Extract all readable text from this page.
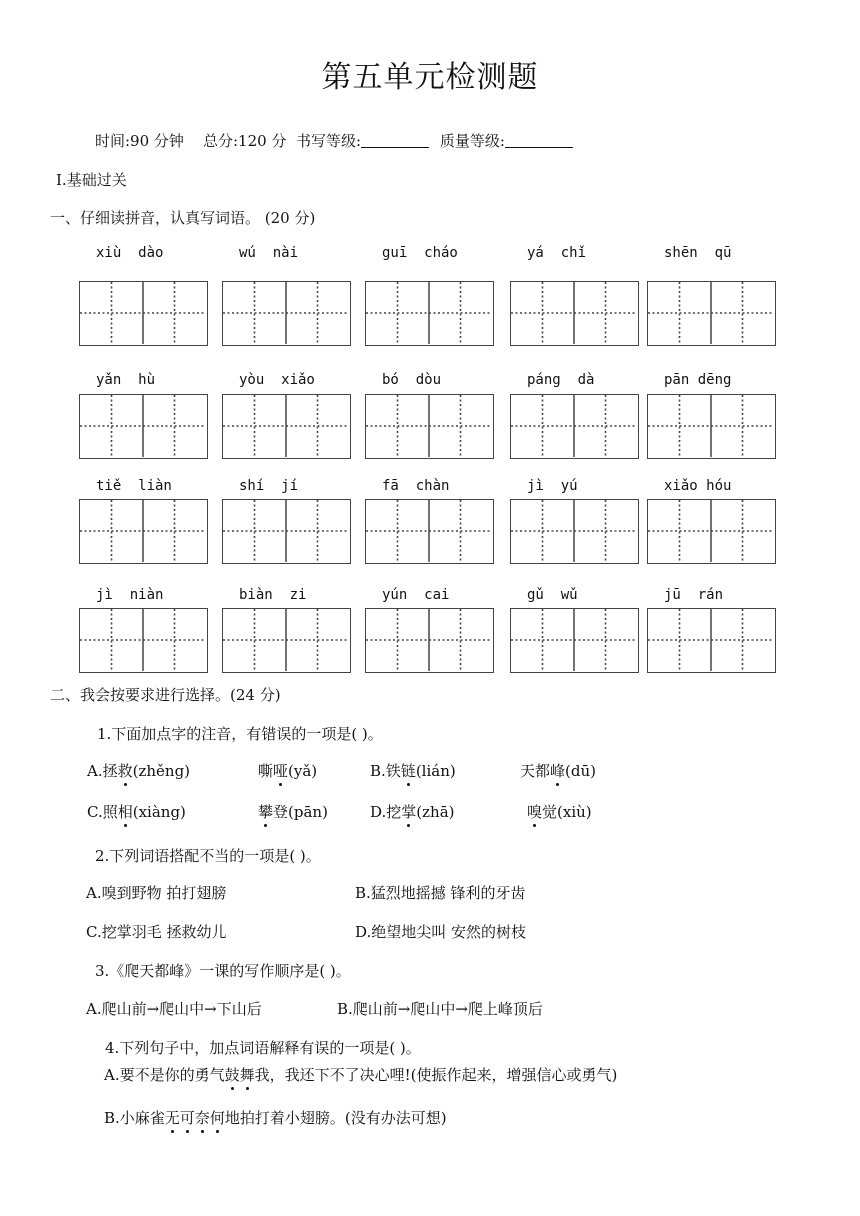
第五单元检测题
时间:90 分钟 总分:120 分 书写等级:	质量等级:
Ⅰ.基础过关
一、仔细读拼音，认真写词语。 (20 分)
xiù  dào	wú  nài	guī  cháo	yá  chǐ	shēn  qū
yǎn  hù	yòu  xiǎo	bó  dòu	páng  dà	pān dēng
tiě  liàn	shí  jí	fā  chàn	jì  yú	xiǎo hóu
jì  niàn	biàn  zi	yún  cai	gǔ  wǔ	jū  rán
二、我会按要求进行选择。(24 分)
1.下面加点字的注音，有错误的一项是( )。
A.拯救(zhěng)	嘶哑(yǎ)	B.铁链(lián)	天都峰(dū)
C.照相(xiàng)	攀登(pān)	D.挖掌(zhā)	嗅觉(xiù)
2.下列词语搭配不当的一项是( )。
A.嗅到野物 拍打翅膀	B.猛烈地摇撼 锋利的牙齿
C.挖掌羽毛 拯救幼儿	D.绝望地尖叫 安然的树枝
3.《爬天都峰》一课的写作顺序是( )。
A.爬山前→爬山中→下山后	B.爬山前→爬山中→爬上峰顶后
4.下列句子中，加点词语解释有误的一项是( )。
A.要不是你的勇气鼓舞我，我还下不了决心哩!(使振作起来，增强信心或勇气)
B.小麻雀无可奈何地拍打着小翅膀。(没有办法可想)
